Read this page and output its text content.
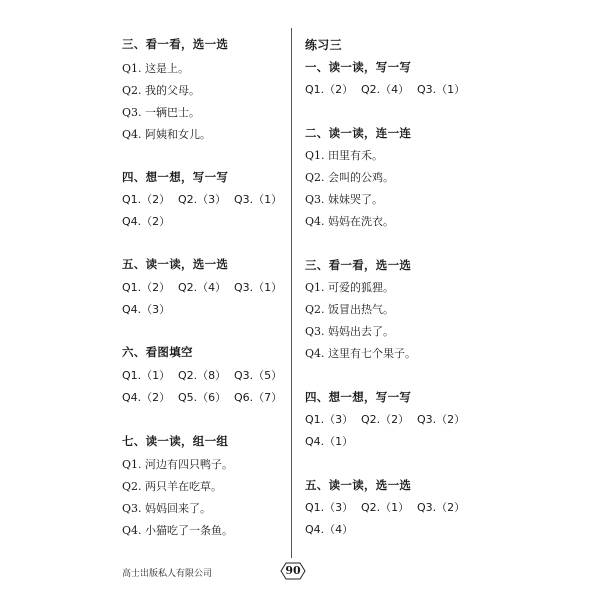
三、看一看，选一选
Q1. 这是上。
Q2. 我的父母。
Q3. 一辆巴士。
Q4. 阿姨和女儿。
四、想一想，写一写
Q1.（2） Q2.（3） Q3.（1）
Q4.（2）
五、读一读，选一选
Q1.（2） Q2.（4） Q3.（1）
Q4.（3）
六、看图填空
Q1.（1） Q2.（8） Q3.（5）
Q4.（2） Q5.（6） Q6.（7）
七、读一读，组一组
Q1. 河边有四只鸭子。
Q2. 两只羊在吃草。
Q3. 妈妈回来了。
Q4. 小猫吃了一条鱼。
练习三
一、读一读，写一写
Q1.（2） Q2.（4） Q3.（1）
二、读一读，连一连
Q1. 田里有禾。
Q2. 会叫的公鸡。
Q3. 妹妹哭了。
Q4. 妈妈在洗衣。
三、看一看，选一选
Q1. 可爱的狐狸。
Q2. 饭冒出热气。
Q3. 妈妈出去了。
Q4. 这里有七个果子。
四、想一想，写一写
Q1.（3） Q2.（2） Q3.（2）
Q4.（1）
五、读一读，选一选
Q1.（3） Q2.（1） Q3.（2）
Q4.（4）
高士出版私人有限公司	90
